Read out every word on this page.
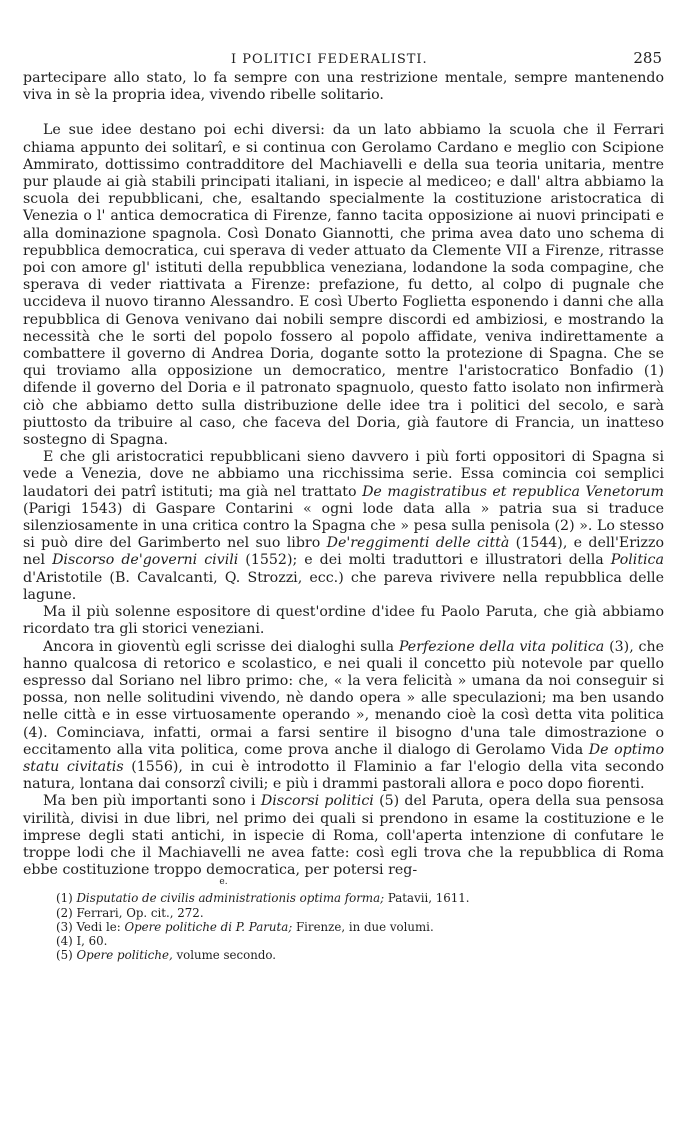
I POLITICI FEDERALISTI.	285

partecipare allo stato, lo fa sempre con una restrizione mentale, sempre mantenendo viva in sè la propria idea, vivendo ribelle solitario.

Le sue idee destano poi echi diversi: da un lato abbiamo la scuola che il Ferrari chiama appunto dei solitarî, e si continua con Gerolamo Cardano e meglio con Scipione Ammirato, dottissimo contradditore del Machiavelli e della sua teoria unitaria, mentre pur plaude ai già stabili principati italiani, in ispecie al mediceo; e dall' altra abbiamo la scuola dei repubblicani, che, esaltando specialmente la costituzione aristocratica di Venezia o l' antica democratica di Firenze, fanno tacita opposizione ai nuovi principati e alla dominazione spagnola. Così Donato Giannotti, che prima avea dato uno schema di repubblica democratica, cui sperava di veder attuato da Clemente VII a Firenze, ritrasse poi con amore gl' istituti della repubblica veneziana, lodandone la soda compagine, che sperava di veder riattivata a Firenze: prefazione, fu detto, al colpo di pugnale che uccideva il nuovo tiranno Alessandro. E così Uberto Foglietta esponendo i danni che alla repubblica di Genova venivano dai nobili sempre discordi ed ambiziosi, e mostrando la necessità che le sorti del popolo fossero al popolo affidate, veniva indirettamente a combattere il governo di Andrea Doria, dogante sotto la protezione di Spagna. Che se qui troviamo alla opposizione un democratico, mentre l'aristocratico Bonfadio (1) difende il governo del Doria e il patronato spagnuolo, questo fatto isolato non infirmerà ciò che abbiamo detto sulla distribuzione delle idee tra i politici del secolo, e sarà piuttosto da tribuire al caso, che faceva del Doria, già fautore di Francia, un inatteso sostegno di Spagna.

E che gli aristocratici repubblicani sieno davvero i più forti oppositori di Spagna si vede a Venezia, dove ne abbiamo una ricchissima serie. Essa comincia coi semplici laudatori dei patrî istituti; ma già nel trattato De magistratibus et republica Venetorum (Parigi 1543) di Gaspare Contarini « ogni lode data alla » patria sua si traduce silenziosamente in una critica contro la Spagna che » pesa sulla penisola (2) ». Lo stesso si può dire del Garimberto nel suo libro De'reggimenti delle città (1544), e dell'Erizzo nel Discorso de'governi civili (1552); e dei molti traduttori e illustratori della Politica d'Aristotile (B. Cavalcanti, Q. Strozzi, ecc.) che pareva rivivere nella repubblica delle lagune.

Ma il più solenne espositore di quest'ordine d'idee fu Paolo Paruta, che già abbiamo ricordato tra gli storici veneziani.

Ancora in gioventù egli scrisse dei dialoghi sulla Perfezione della vita politica (3), che hanno qualcosa di retorico e scolastico, e nei quali il concetto più notevole par quello espresso dal Soriano nel libro primo: che, « la vera felicità » umana da noi conseguir si possa, non nelle solitudini vivendo, nè dando opera » alle speculazioni; ma ben usando nelle città e in esse virtuosamente operando », menando cioè la così detta vita politica (4). Cominciava, infatti, ormai a farsi sentire il bisogno d'una tale dimostrazione o eccitamento alla vita politica, come prova anche il dialogo di Gerolamo Vida De optimo statu civitatis (1556), in cui è introdotto il Flaminio a far l'elogio della vita secondo natura, lontana dai consorzî civili; e più i drammi pastorali allora e poco dopo fiorenti.

Ma ben più importanti sono i Discorsi politici (5) del Paruta, opera della sua pensosa virilità, divisi in due libri, nel primo dei quali si prendono in esame la costituzione e le imprese degli stati antichi, in ispecie di Roma, coll'aperta intenzione di confutare le troppe lodi che il Machiavelli ne avea fatte: così egli trova che la repubblica di Roma ebbe costituzione troppo democratica, per potersi reg-

e.
(1) Disputatio de civilis administrationis optima forma; Patavii, 1611.
(2) Ferrari, Op. cit., 272.
(3) Vedi le: Opere politiche di P. Paruta; Firenze, in due volumi.
(4) I, 60.
(5) Opere politiche, volume secondo.
